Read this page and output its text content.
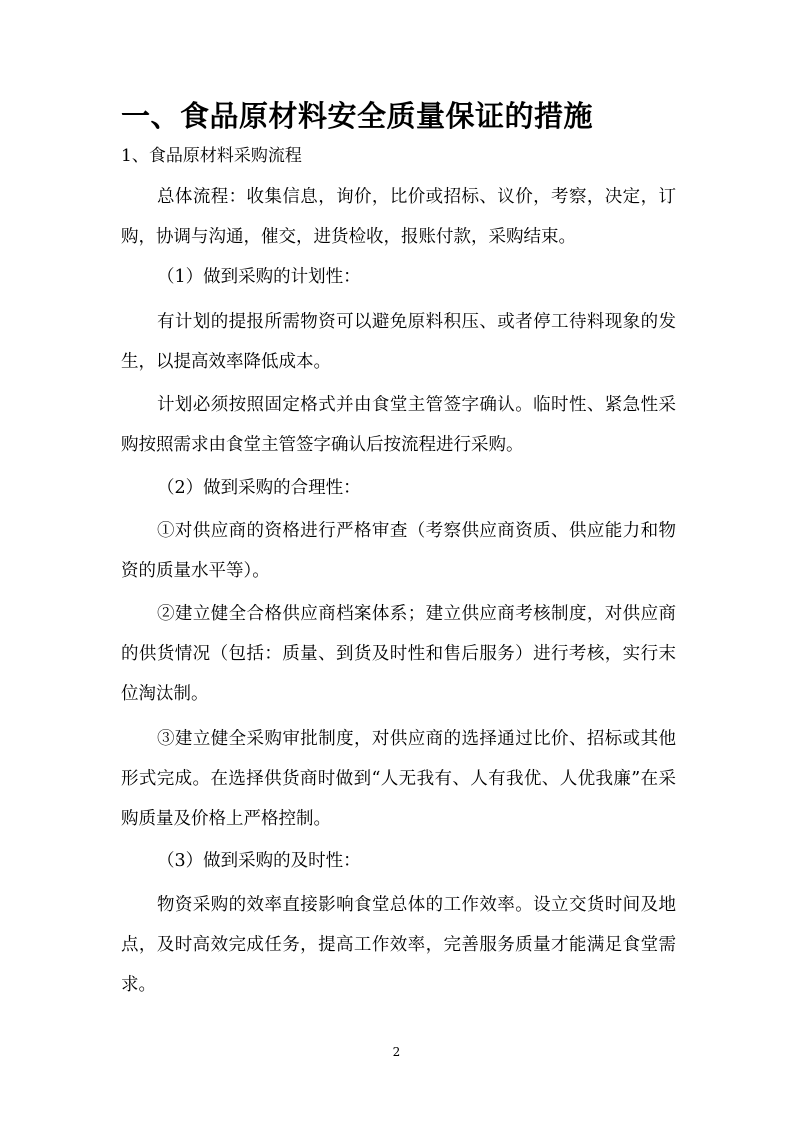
一、食品原材料安全质量保证的措施
1、食品原材料采购流程
总体流程：收集信息，询价，比价或招标、议价，考察，决定，订购，协调与沟通，催交，进货检收，报账付款，采购结束。
（1）做到采购的计划性：
有计划的提报所需物资可以避免原料积压、或者停工待料现象的发生，以提高效率降低成本。
计划必须按照固定格式并由食堂主管签字确认。临时性、紧急性采购按照需求由食堂主管签字确认后按流程进行采购。
（2）做到采购的合理性：
①对供应商的资格进行严格审查（考察供应商资质、供应能力和物资的质量水平等）。
②建立健全合格供应商档案体系；建立供应商考核制度，对供应商的供货情况（包括：质量、到货及时性和售后服务）进行考核，实行末位淘汰制。
③建立健全采购审批制度，对供应商的选择通过比价、招标或其他形式完成。在选择供货商时做到“人无我有、人有我优、人优我廉”在采购质量及价格上严格控制。
（3）做到采购的及时性：
物资采购的效率直接影响食堂总体的工作效率。设立交货时间及地点，及时高效完成任务，提高工作效率，完善服务质量才能满足食堂需求。
2
